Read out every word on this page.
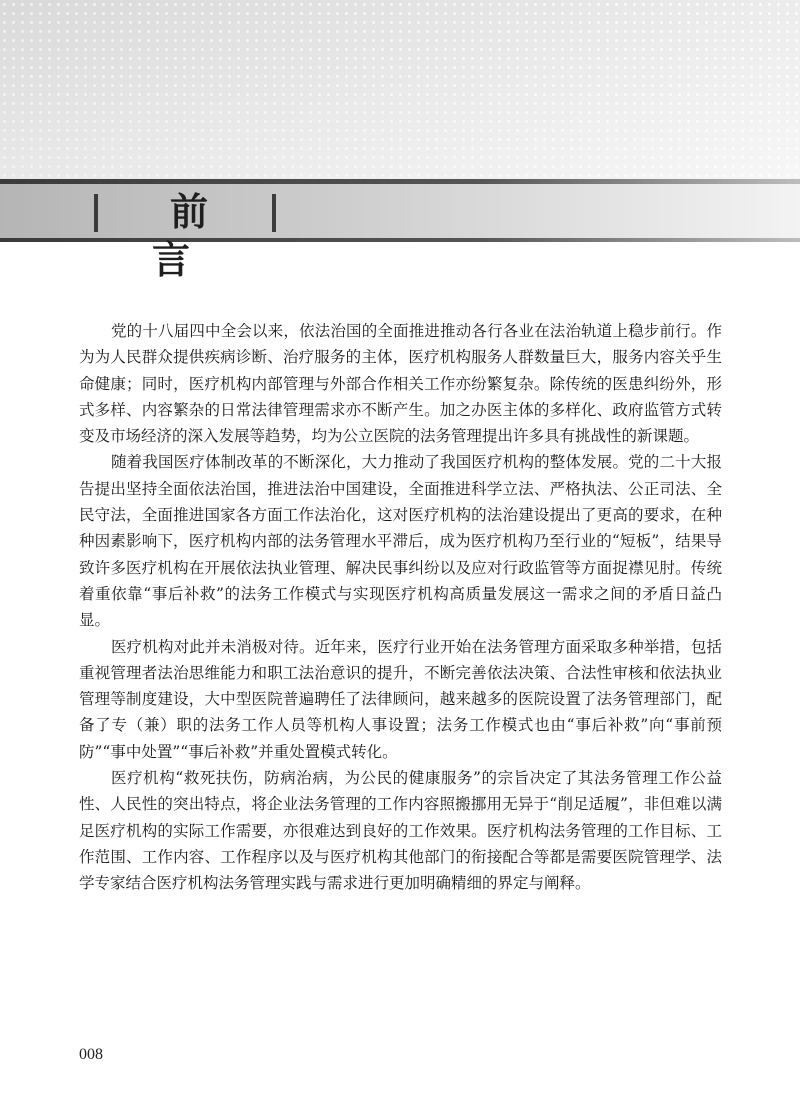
前言

党的十八届四中全会以来，依法治国的全面推进推动各行各业在法治轨道上稳步前行。作为为人民群众提供疾病诊断、治疗服务的主体，医疗机构服务人群数量巨大，服务内容关乎生命健康；同时，医疗机构内部管理与外部合作相关工作亦纷繁复杂。除传统的医患纠纷外，形式多样、内容繁杂的日常法律管理需求亦不断产生。加之办医主体的多样化、政府监管方式转变及市场经济的深入发展等趋势，均为公立医院的法务管理提出许多具有挑战性的新课题。

随着我国医疗体制改革的不断深化，大力推动了我国医疗机构的整体发展。党的二十大报告提出坚持全面依法治国，推进法治中国建设，全面推进科学立法、严格执法、公正司法、全民守法，全面推进国家各方面工作法治化，这对医疗机构的法治建设提出了更高的要求，在种种因素影响下，医疗机构内部的法务管理水平滞后，成为医疗机构乃至行业的“短板”，结果导致许多医疗机构在开展依法执业管理、解决民事纠纷以及应对行政监管等方面捉襟见肘。传统着重依靠“事后补救”的法务工作模式与实现医疗机构高质量发展这一需求之间的矛盾日益凸显。

医疗机构对此并未消极对待。近年来，医疗行业开始在法务管理方面采取多种举措，包括重视管理者法治思维能力和职工法治意识的提升，不断完善依法决策、合法性审核和依法执业管理等制度建设，大中型医院普遍聘任了法律顾问，越来越多的医院设置了法务管理部门，配备了专（兼）职的法务工作人员等机构人事设置；法务工作模式也由“事后补救”向“事前预防”“事中处置”“事后补救”并重处置模式转化。

医疗机构“救死扶伤，防病治病，为公民的健康服务”的宗旨决定了其法务管理工作公益性、人民性的突出特点，将企业法务管理的工作内容照搬挪用无异于“削足适履”，非但难以满足医疗机构的实际工作需要，亦很难达到良好的工作效果。医疗机构法务管理的工作目标、工作范围、工作内容、工作程序以及与医疗机构其他部门的衔接配合等都是需要医院管理学、法学专家结合医疗机构法务管理实践与需求进行更加明确精细的界定与阐释。

008
